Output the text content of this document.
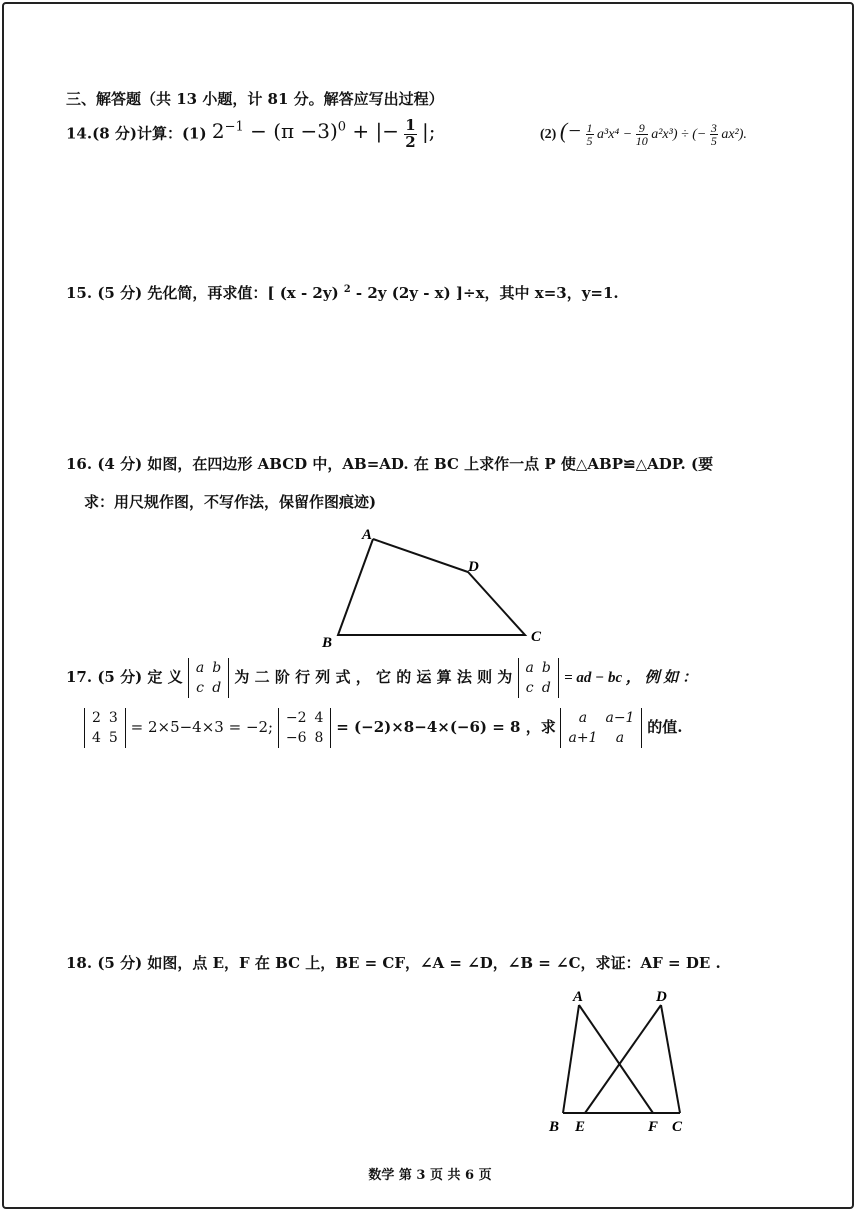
三、解答题（共 13 小题，计 81 分。解答应写出过程）
14.(8 分)计算：(1) $2^{-1} - (\pi -3)^0$ + |− $\frac{1}{2}$ |;	(2) (− $\frac{1}{5} a^3x^4 - \frac{9}{10} a^2x^3$) ÷ (− $\frac{3}{5} ax^2$).
15. (5 分) 先化简，再求值：[ (x - 2y) $^2$ - 2y (2y - x) ]÷x，其中 x=3，y=1.
16. (4 分) 如图，在四边形 ABCD 中，AB=AD. 在 BC 上求作一点 P 使△ABP≌△ADP. (要
求：用尺规作图，不写作法，保留作图痕迹)
A
D
C
B
17. (5 分) 定 义 a	b
c	d
为 二 阶 行 列 式 ， 它 的 运 算 法 则 为 a	b
c	d
= ad − bc ， 例 如 ：
2	3
4	5
= 2×5−4×3 = −2; −2	4
−6	8
= (−2)×8−4×(−6) = 8 ，求 a	a−1
a+1	a
的值.
18. (5 分) 如图，点 E，F 在 BC 上，BE = CF，∠A = ∠D，∠B = ∠C，求证：AF = DE .
A	D
B E	F C
数学 第 3 页 共 6 页
